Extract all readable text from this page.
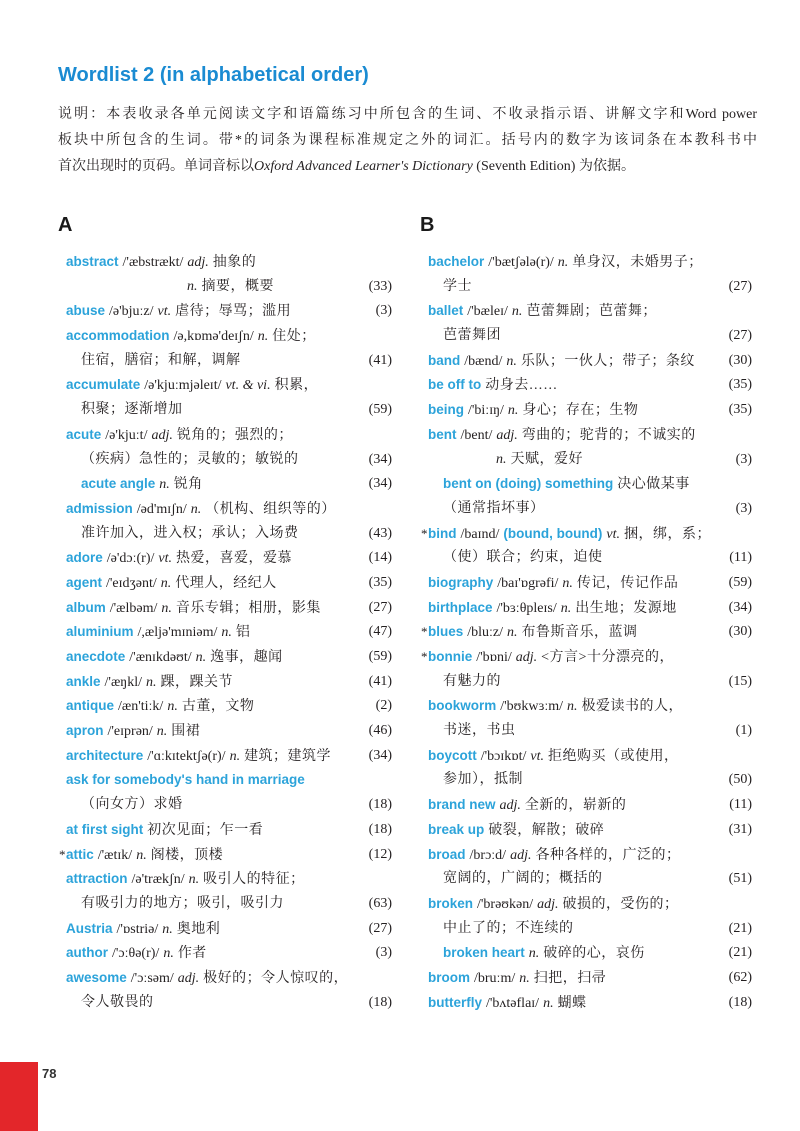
Wordlist 2 (in alphabetical order)
说明：本表收录各单元阅读文字和语篇练习中所包含的生词、不收录指示语、讲解文字和Word power
板块中所包含的生词。带*的词条为课程标准规定之外的词汇。括号内的数字为该词条在本教科书中
首次出现时的页码。单词音标以Oxford Advanced Learner's Dictionary (Seventh Edition) 为依据。
A	B
abstract /'æbstrækt/ adj. 抽象的
n. 摘要，概要	(33)
abuse /ə'bjuːz/ vt. 虐待；辱骂；滥用	(3)
accommodation /ə,kɒmə'deɪʃn/ n. 住处；
住宿，膳宿；和解，调解	(41)
accumulate /ə'kjuːmjəleɪt/ vt. & vi. 积累，
积聚；逐渐增加	(59)
acute /ə'kjuːt/ adj. 锐角的；强烈的；
（疾病）急性的；灵敏的；敏锐的	(34)
acute angle n. 锐角	(34)
admission /əd'mɪʃn/ n. （机构、组织等的）
准许加入，进入权；承认；入场费	(43)
adore /ə'dɔː(r)/ vt. 热爱，喜爱，爱慕	(14)
agent /'eɪdʒənt/ n. 代理人，经纪人	(35)
album /'ælbəm/ n. 音乐专辑；相册，影集	(27)
aluminium /,æljə'mɪniəm/ n. 铝	(47)
anecdote /'ænɪkdəʊt/ n. 逸事，趣闻	(59)
ankle /'æŋkl/ n. 踝，踝关节	(41)
antique /æn'tiːk/ n. 古董，文物	(2)
apron /'eɪprən/ n. 围裙	(46)
architecture /'ɑːkɪtektʃə(r)/ n. 建筑；建筑学	(34)
ask for somebody's hand in marriage
（向女方）求婚	(18)
at first sight 初次见面；乍一看	(18)
* attic /'ætɪk/ n. 阁楼，顶楼	(12)
attraction /ə'trækʃn/ n. 吸引人的特征；
有吸引力的地方；吸引，吸引力	(63)
Austria /'ɒstriə/ n. 奥地利	(27)
author /'ɔːθə(r)/ n. 作者	(3)
awesome /'ɔːsəm/ adj. 极好的；令人惊叹的，
令人敬畏的	(18)
bachelor /'bætʃələ(r)/ n. 单身汉，未婚男子；
学士	(27)
ballet /'bæleɪ/ n. 芭蕾舞剧；芭蕾舞；
芭蕾舞团	(27)
band /bænd/ n. 乐队；一伙人；带子；条纹 (30)
be off to 动身去……	(35)
being /'biːɪŋ/ n. 身心；存在；生物	(35)
bent /bent/ adj. 弯曲的；驼背的；不诚实的
n. 天赋，爱好	(3)
bent on (doing) something 决心做某事
（通常指坏事）	(3)
* bind /baɪnd/ (bound, bound) vt. 捆，绑，系；
（使）联合；约束，迫使	(11)
biography /baɪ'ɒgrəfi/ n. 传记，传记作品	(59)
birthplace /'bɜːθpleɪs/ n. 出生地；发源地	(34)
* blues /bluːz/ n. 布鲁斯音乐，蓝调	(30)
* bonnie /'bɒni/ adj. <方言>十分漂亮的，
有魅力的	(15)
bookworm /'bʊkwɜːm/ n. 极爱读书的人，
书迷，书虫	(1)
boycott /'bɔɪkɒt/ vt. 拒绝购买（或使用，
参加），抵制	(50)
brand new adj. 全新的，崭新的	(11)
break up 破裂，解散；破碎	(31)
broad /brɔːd/ adj. 各种各样的，广泛的；
宽阔的，广阔的；概括的	(51)
broken /'brəʊkən/ adj. 破损的，受伤的；
中止了的；不连续的	(21)
broken heart n. 破碎的心，哀伤	(21)
broom /bruːm/ n. 扫把，扫帚	(62)
butterfly /'bʌtəflaɪ/ n. 蝴蝶	(18)
78
